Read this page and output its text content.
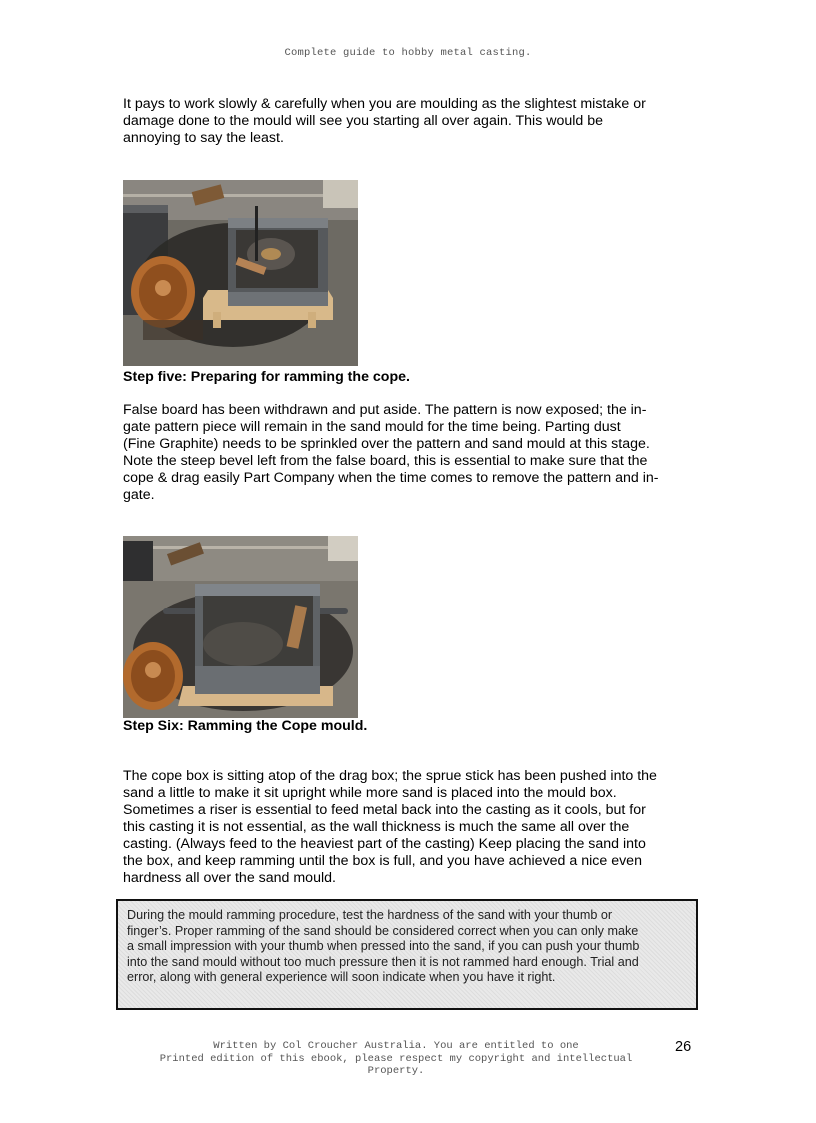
Complete guide to hobby metal casting.
It pays to work slowly & carefully when you are moulding as the slightest mistake or
damage done to the mould will see you starting all over again. This would be
annoying to say the least.
Step five: Preparing for ramming the cope.
False board has been withdrawn and put aside. The pattern is now exposed; the in-
gate pattern piece will remain in the sand mould for the time being. Parting dust
(Fine Graphite) needs to be sprinkled over the pattern and sand mould at this stage.
Note the steep bevel left from the false board, this is essential to make sure that the
cope & drag easily Part Company when the time comes to remove the pattern and in-
gate.
Step Six: Ramming the Cope mould.
The cope box is sitting atop of the drag box; the sprue stick has been pushed into the
sand a little to make it sit upright while more sand is placed into the mould box.
Sometimes a riser is essential to feed metal back into the casting as it cools, but for
this casting it is not essential, as the wall thickness is much the same all over the
casting. (Always feed to the heaviest part of the casting) Keep placing the sand into
the box, and keep ramming until the box is full, and you have achieved a nice even
hardness all over the sand mould.
During the mould ramming procedure, test the hardness of the sand with your thumb or
finger’s. Proper ramming of the sand should be considered correct when you can only make
a small impression with your thumb when pressed into the sand, if you can push your thumb
into the sand mould without too much pressure then it is not rammed hard enough. Trial and
error, along with general experience will soon indicate when you have it right.
Written by Col Croucher Australia. You are entitled to one
Printed edition of this ebook, please respect my copyright and intellectual
Property.
26
